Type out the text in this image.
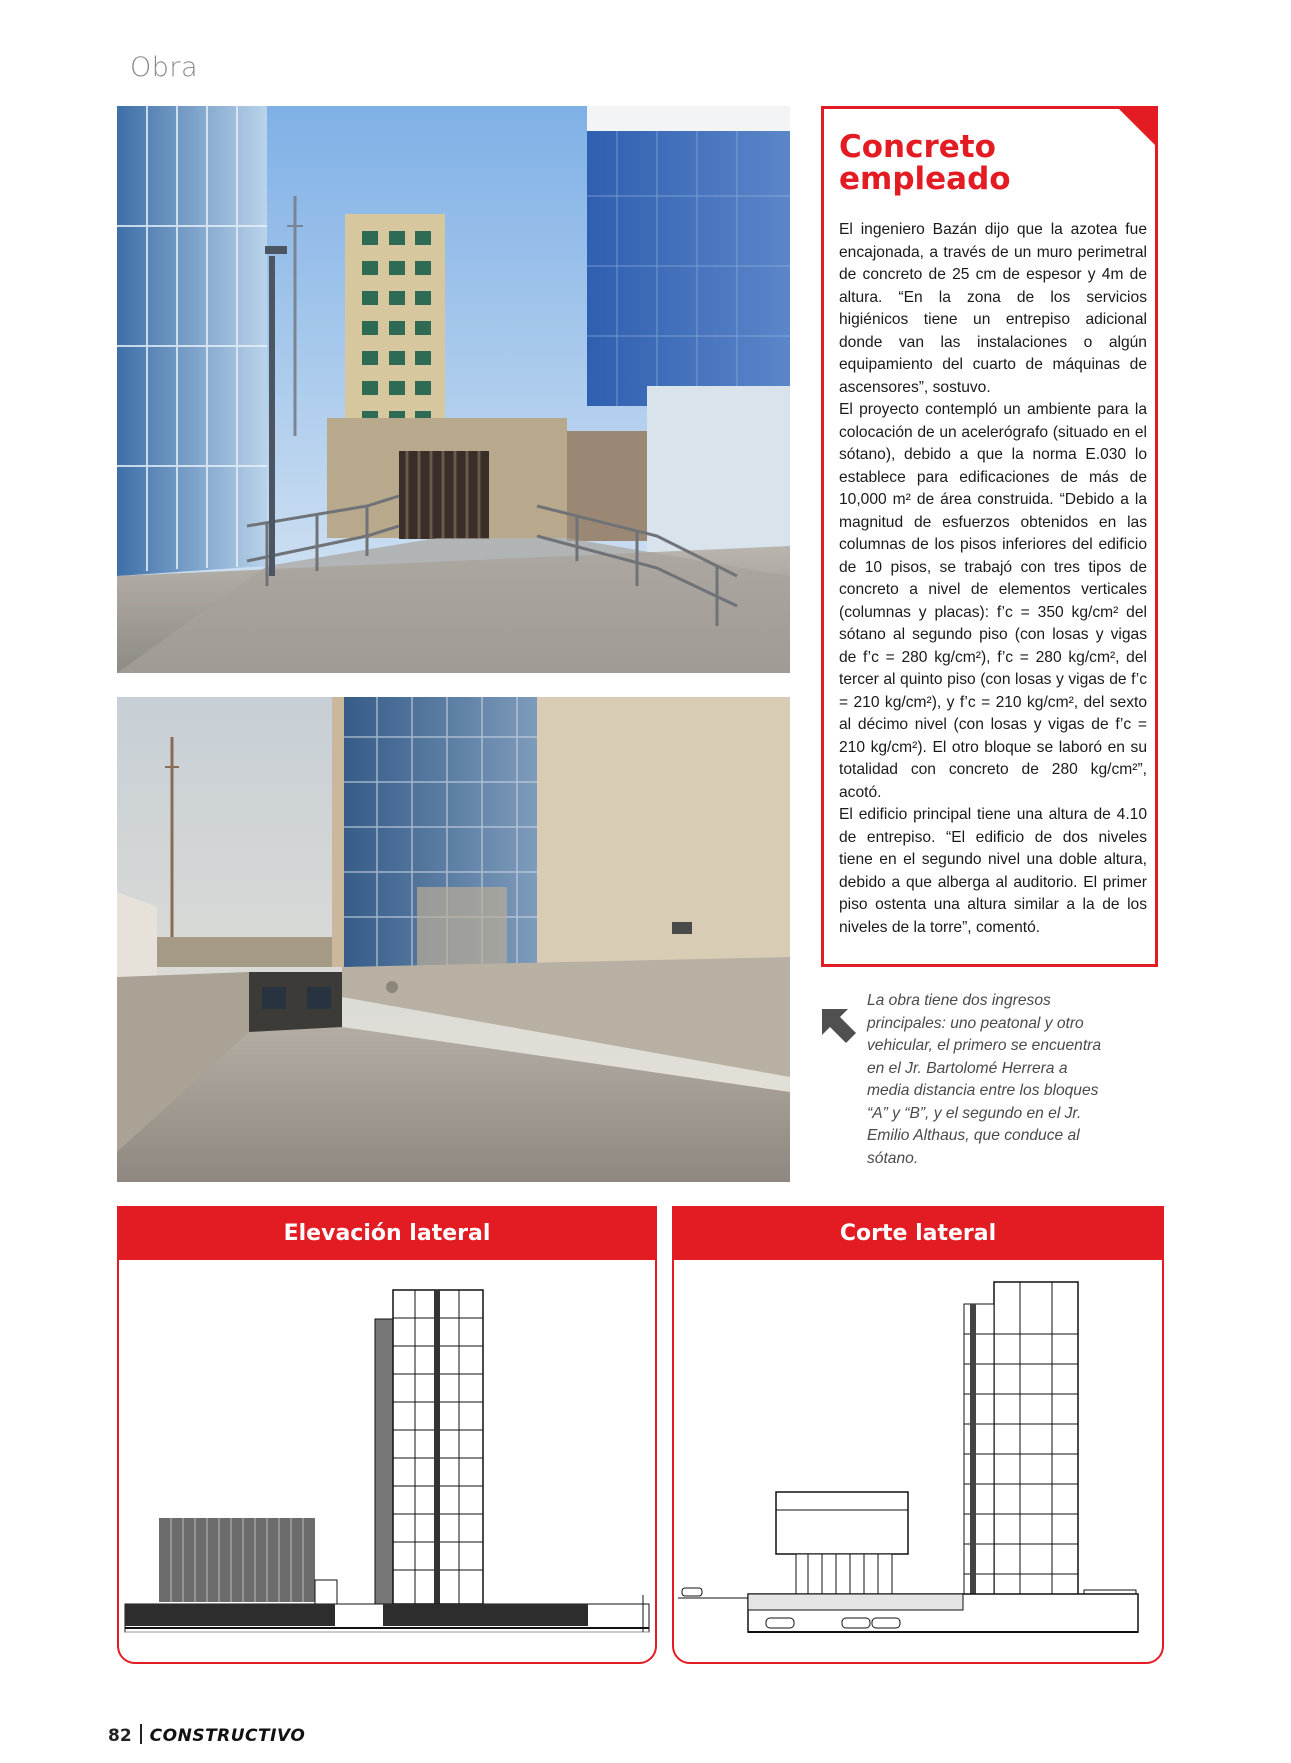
Obra
Concreto
empleado

El ingeniero Bazán dijo que la azotea fue encajonada, a través de un muro perimetral de concreto de 25 cm de espesor y 4m de altura. “En la zona de los servicios higiénicos tiene un entrepiso adicional donde van las instalaciones o algún equipamiento del cuarto de máquinas de ascensores”, sostuvo.

El proyecto contempló un ambiente para la colocación de un acelerógrafo (situado en el sótano), debido a que la norma E.030 lo establece para edificaciones de más de 10,000 m² de área construida. “Debido a la magnitud de esfuerzos obtenidos en las columnas de los pisos inferiores del edificio de 10 pisos, se trabajó con tres tipos de concreto a nivel de elementos verticales (columnas y placas): f’c = 350 kg/cm² del sótano al segundo piso (con losas y vigas de f’c = 280 kg/cm²), f’c = 280 kg/cm², del tercer al quinto piso (con losas y vigas de f’c = 210 kg/cm²), y f’c = 210 kg/cm², del sexto al décimo nivel (con losas y vigas de f’c = 210 kg/cm²). El otro bloque se laboró en su totalidad con concreto de 280 kg/cm²”, acotó.

El edificio principal tiene una altura de 4.10 de entrepiso. “El edificio de dos niveles tiene en el segundo nivel una doble altura, debido a que alberga al auditorio. El primer piso ostenta una altura similar a la de los niveles de la torre”, comentó.

La obra tiene dos ingresos principales: uno peatonal y otro vehicular, el primero se encuentra en el Jr. Bartolomé Herrera a media distancia entre los bloques “A” y “B”, y el segundo en el Jr. Emilio Althaus, que conduce al sótano.
Elevación lateral	Corte lateral
82 CONSTRUCTIVO
